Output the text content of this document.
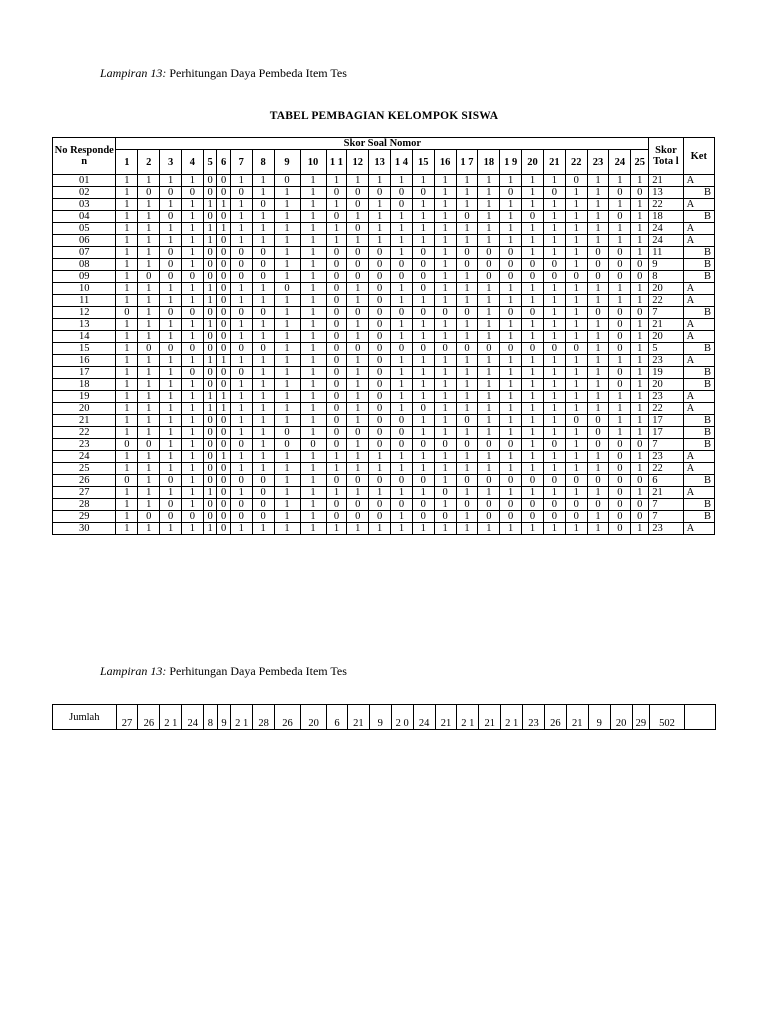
Lampiran 13: Perhitungan Daya Pembeda Item Tes
TABEL PEMBAGIAN KELOMPOK SISWA
No Responde n	Skor Soal Nomor																									Skor Tota l	Ket
	1	2	3	4	5	6	7	8	9	10	1 1	12	13	1 4	15	16	1 7	18	1 9	20	21	22	23	24	25		
01	1	1	1	1	0	0	1	1	0	1	1	1	1	1	1	1	1	1	1	1	1	0	1	1	1	21	A
02	1	0	0	0	0	0	0	1	1	1	0	0	0	0	0	1	1	1	0	1	0	1	1	0	0	13	B
03	1	1	1	1	1	1	1	0	1	1	1	0	1	0	1	1	1	1	1	1	1	1	1	1	1	22	A
04	1	1	0	1	0	0	1	1	1	1	0	1	1	1	1	1	0	1	1	0	1	1	1	0	1	18	B
05	1	1	1	1	1	1	1	1	1	1	1	0	1	1	1	1	1	1	1	1	1	1	1	1	1	24	A
06	1	1	1	1	1	0	1	1	1	1	1	1	1	1	1	1	1	1	1	1	1	1	1	1	1	24	A
07	1	1	0	1	0	0	0	0	1	1	0	0	0	1	0	1	0	0	0	1	1	1	0	0	1	11	B
08	1	1	0	1	0	0	0	0	1	1	0	0	0	0	0	1	0	0	0	0	0	1	0	0	0	9	B
09	1	0	0	0	0	0	0	0	1	1	0	0	0	0	0	1	1	0	0	0	0	0	0	0	0	8	B
10	1	1	1	1	1	0	1	1	0	1	0	1	0	1	0	1	1	1	1	1	1	1	1	1	1	20	A
11	1	1	1	1	1	0	1	1	1	1	0	1	0	1	1	1	1	1	1	1	1	1	1	1	1	22	A
12	0	1	0	0	0	0	0	0	1	1	0	0	0	0	0	0	0	1	0	0	1	1	0	0	0	7	B
13	1	1	1	1	1	0	1	1	1	1	0	1	0	1	1	1	1	1	1	1	1	1	1	0	1	21	A
14	1	1	1	1	0	0	1	1	1	1	0	1	0	1	1	1	1	1	1	1	1	1	1	0	1	20	A
15	1	0	0	0	0	0	0	0	1	1	0	0	0	0	0	0	0	0	0	0	0	0	1	0	1	5	B
16	1	1	1	1	1	1	1	1	1	1	0	1	0	1	1	1	1	1	1	1	1	1	1	1	1	23	A
17	1	1	1	0	0	0	0	1	1	1	0	1	0	1	1	1	1	1	1	1	1	1	1	0	1	19	B
18	1	1	1	1	0	0	1	1	1	1	0	1	0	1	1	1	1	1	1	1	1	1	1	0	1	20	B
19	1	1	1	1	1	1	1	1	1	1	0	1	0	1	1	1	1	1	1	1	1	1	1	1	1	23	A
20	1	1	1	1	1	1	1	1	1	1	0	1	0	1	0	1	1	1	1	1	1	1	1	1	1	22	A
21	1	1	1	1	0	0	1	1	1	1	0	1	0	0	1	1	0	1	1	1	1	0	0	1	1	17	B
22	1	1	1	1	0	0	1	1	0	1	0	0	0	0	1	1	1	1	1	1	1	1	0	1	1	17	B
23	0	0	1	1	0	0	0	1	0	0	0	1	0	0	0	0	0	0	0	1	0	1	0	0	0	7	B
24	1	1	1	1	0	1	1	1	1	1	1	1	1	1	1	1	1	1	1	1	1	1	1	0	1	23	A
25	1	1	1	1	0	0	1	1	1	1	1	1	1	1	1	1	1	1	1	1	1	1	1	0	1	22	A
26	0	1	0	1	0	0	0	0	1	1	0	0	0	0	0	1	0	0	0	0	0	0	0	0	0	6	B
27	1	1	1	1	1	0	1	0	1	1	1	1	1	1	1	0	1	1	1	1	1	1	1	0	1	21	A
28	1	1	0	1	0	0	0	0	1	1	0	0	0	0	0	1	0	0	0	0	0	0	0	0	0	7	B
29	1	0	0	0	0	0	0	0	1	1	0	0	0	1	0	0	1	0	0	0	0	0	1	0	0	7	B
30	1	1	1	1	1	0	1	1	1	1	1	1	1	1	1	1	1	1	1	1	1	1	1	0	1	23	A
Lampiran 13: Perhitungan Daya Pembeda Item Tes
Jumlah	27	26	2 1	24	8	9	2 1	28	26	20	6	21	9	2 0	24	21	2 1	21	2 1	23	26	21	9	20	29	502	
